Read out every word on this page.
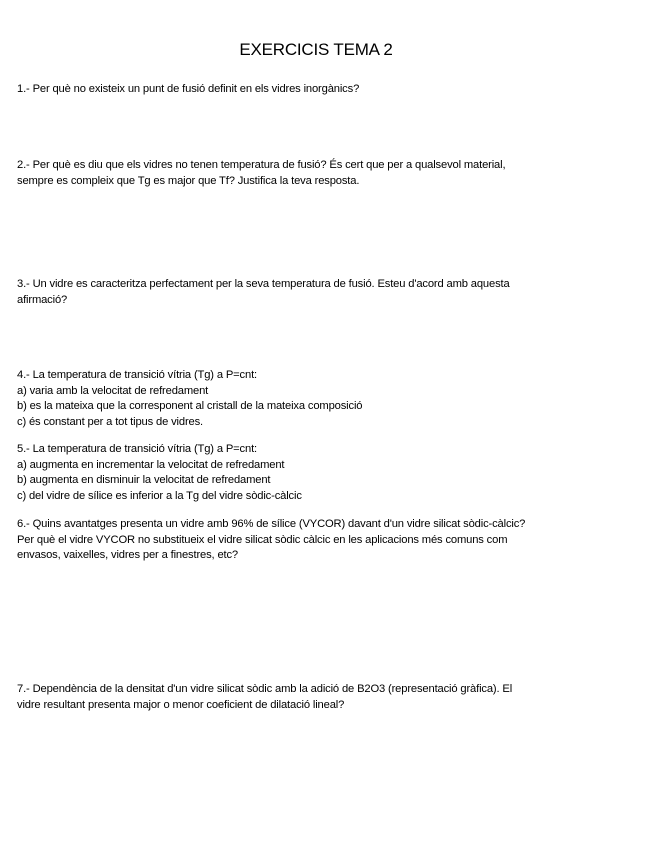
EXERCICIS TEMA 2

1.- Per què no existeix un punt de fusió definit en els vidres inorgànics?

2.- Per què es diu que els vidres no tenen temperatura de fusió? És cert que per a qualsevol material,

sempre es compleix que Tg es major que Tf? Justifica la teva resposta.

3.- Un vidre es caracteritza perfectament per la seva temperatura de fusió. Esteu d'acord amb aquesta

afirmació?

4.- La temperatura de transició vítria (Tg) a P=cnt:

a) varia amb la velocitat de refredament

b) es la mateixa que la corresponent al cristall de la mateixa composició

c) és constant per a tot tipus de vidres.

5.- La temperatura de transició vítria (Tg) a P=cnt:

a) augmenta en incrementar la velocitat de refredament

b) augmenta en disminuir la velocitat de refredament

c) del vidre de sílice es inferior a la Tg del vidre sòdic-càlcic

6.- Quins avantatges presenta un vidre amb 96% de sílice (VYCOR) davant d'un vidre silicat sòdic-càlcic?

Per què el vidre VYCOR no substitueix el vidre silicat sòdic càlcic en les aplicacions més comuns com

envasos, vaixelles, vidres per a finestres, etc?

7.- Dependència de la densitat d'un vidre silicat sòdic amb la adició de B2O3 (representació gràfica). El

vidre resultant presenta major o menor coeficient de dilatació lineal?
